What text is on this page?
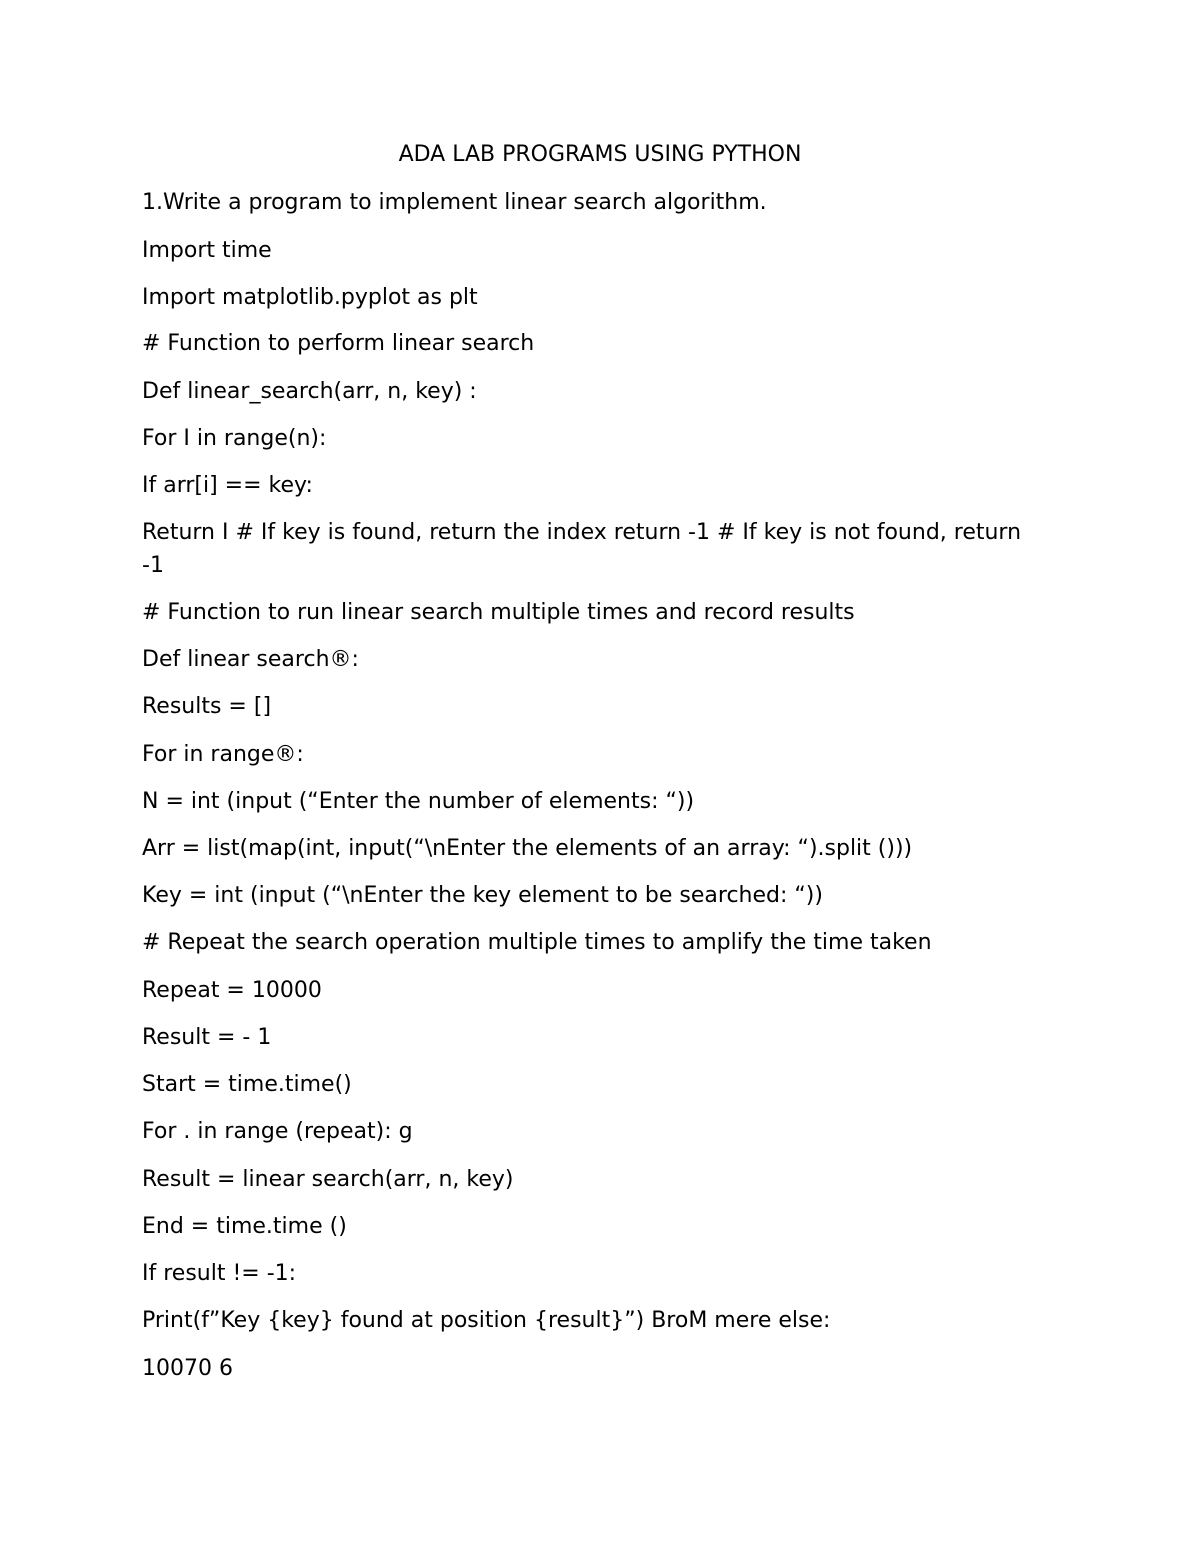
ADA LAB PROGRAMS USING PYTHON
1.Write a program to implement linear search algorithm.
Import time
Import matplotlib.pyplot as plt
# Function to perform linear search
Def linear_search(arr, n, key) :
For I in range(n):
If arr[i] == key:
Return I # If key is found, return the index return -1 # If key is not found, return -1
# Function to run linear search multiple times and record results
Def linear search®:
Results = []
For in range®:
N = int (input (“Enter the number of elements: “))
Arr = list(map(int, input(“\nEnter the elements of an array: “).split ()))
Key = int (input (“\nEnter the key element to be searched: “))
# Repeat the search operation multiple times to amplify the time taken
Repeat = 10000
Result = - 1
Start = time.time()
For . in range (repeat): g
Result = linear search(arr, n, key)
End = time.time ()
If result != -1:
Print(f”Key {key} found at position {result}”) BroM mere else:
10070 6
